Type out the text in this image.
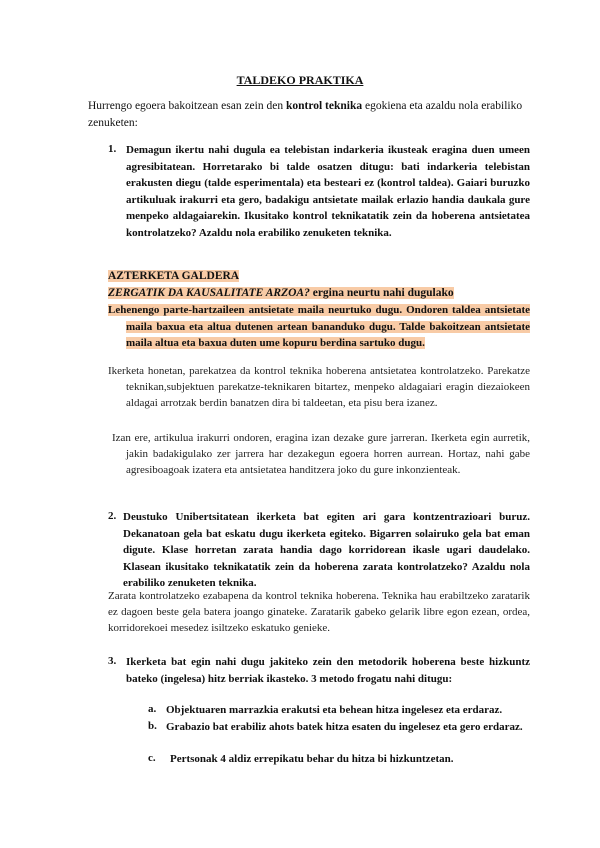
TALDEKO PRAKTIKA
Hurrengo egoera bakoitzean esan zein den kontrol teknika egokiena eta azaldu nola erabiliko zenuketen:
1. Demagun ikertu nahi dugula ea telebistan indarkeria ikusteak eragina duen umeen agresibitatean. Horretarako bi talde osatzen ditugu: bati indarkeria telebistan erakusten diegu (talde esperimentala) eta besteari ez (kontrol taldea). Gaiari buruzko artikuluak irakurri eta gero, badakigu antsietate mailak erlazio handia daukala gure menpeko aldagaiarekin. Ikusitako kontrol teknikatatik zein da hoberena antsietatea kontrolatzeko? Azaldu nola erabiliko zenuketen teknika.
AZTERKETA GALDERA
ZERGATIK DA KAUSALITATE ARZOA? ergina neurtu nahi dugulako
Lehenengo parte-hartzaileen antsietate maila neurtuko dugu. Ondoren taldea antsietate maila baxua eta altua dutenen artean bananduko dugu. Talde bakoitzean antsietate maila altua eta baxua duten ume kopuru berdina sartuko dugu.
Ikerketa honetan, parekatzea da kontrol teknika hoberena antsietatea kontrolatzeko. Parekatze teknikan,subjektuen parekatze-teknikaren bitartez, menpeko aldagaiari eragin diezaiokeen aldagai arrotzak berdin banatzen dira bi taldeetan, eta pisu bera izanez.
Izan ere, artikulua irakurri ondoren, eragina izan dezake gure jarreran. Ikerketa egin aurretik, jakin badakigulako zer jarrera har dezakegun egoera horren aurrean. Hortaz, nahi gabe agresiboagoak izatera eta antsietatea handitzera joko du gure inkonzienteak.
2. Deustuko Unibertsitatean ikerketa bat egiten ari gara kontzentrazioari buruz. Dekanatoan gela bat eskatu dugu ikerketa egiteko. Bigarren solairuko gela bat eman digute. Klase horretan zarata handia dago korridorean ikasle ugari daudelako. Klasean ikusitako teknikatatik zein da hoberena zarata kontrolatzeko? Azaldu nola erabiliko zenuketen teknika.
Zarata kontrolatzeko ezabapena da kontrol teknika hoberena. Teknika hau erabiltzeko zaratarik ez dagoen beste gela batera joango ginateke. Zaratarik gabeko gelarik libre egon ezean, ordea, korridorekoei mesedez isiltzeko eskatuko genieke.
3. Ikerketa bat egin nahi dugu jakiteko zein den metodorik hoberena beste hizkuntz bateko (ingelesa) hitz berriak ikasteko. 3 metodo frogatu nahi ditugu:
a. Objektuaren marrazkia erakutsi eta behean hitza ingelesez eta erdaraz.
b. Grabazio bat erabiliz ahots batek hitza esaten du ingelesez eta gero erdaraz.
c. Pertsonak 4 aldiz errepikatu behar du hitza bi hizkuntzetan.
